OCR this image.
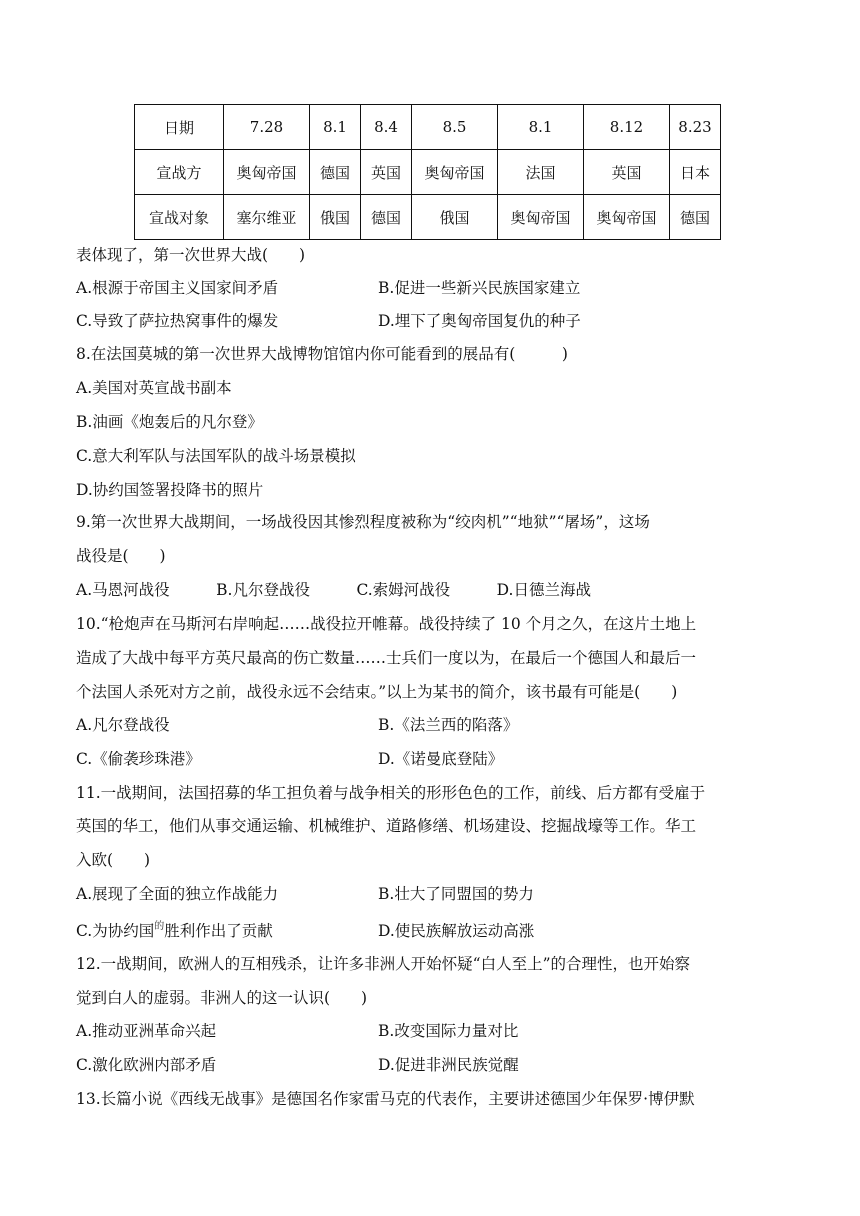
日期	7.28	8.1	8.4	8.5	8.1	8.12	8.23
宣战方	奥匈帝国	德国	英国	奥匈帝国	法国	英国	日本
宣战对象	塞尔维亚	俄国	德国	俄国	奥匈帝国	奥匈帝国	德国
表体现了，第一次世界大战(　　)
A.根源于帝国主义国家间矛盾	B.促进一些新兴民族国家建立
C.导致了萨拉热窝事件的爆发	D.埋下了奥匈帝国复仇的种子
8.在法国莫城的第一次世界大战博物馆馆内你可能看到的展品有(　　　)
A.美国对英宣战书副本
B.油画《炮轰后的凡尔登》
C.意大利军队与法国军队的战斗场景模拟
D.协约国签署投降书的照片
9.第一次世界大战期间，一场战役因其惨烈程度被称为“绞肉机”“地狱”“屠场”，这场
战役是(　　)
A.马恩河战役　　　B.凡尔登战役　　　C.索姆河战役　　　D.日德兰海战
10.“枪炮声在马斯河右岸响起……战役拉开帷幕。战役持续了 10 个月之久，在这片土地上
造成了大战中每平方英尺最高的伤亡数量……士兵们一度以为，在最后一个德国人和最后一
个法国人杀死对方之前，战役永远不会结束。”以上为某书的简介，该书最有可能是(　　)
A.凡尔登战役	B.《法兰西的陷落》
C.《偷袭珍珠港》	D.《诺曼底登陆》
11.一战期间，法国招募的华工担负着与战争相关的形形色色的工作，前线、后方都有受雇于
英国的华工，他们从事交通运输、机械维护、道路修缮、机场建设、挖掘战壕等工作。华工
入欧(　　)
A.展现了全面的独立作战能力	B.壮大了同盟国的势力
C.为协约国$^的$胜利作出了贡献	D.使民族解放运动高涨
12.一战期间，欧洲人的互相残杀，让许多非洲人开始怀疑“白人至上”的合理性，也开始察
觉到白人的虚弱。非洲人的这一认识(　　)
A.推动亚洲革命兴起	B.改变国际力量对比
C.激化欧洲内部矛盾	D.促进非洲民族觉醒
13.长篇小说《西线无战事》是德国名作家雷马克的代表作，主要讲述德国少年保罗·博伊默
